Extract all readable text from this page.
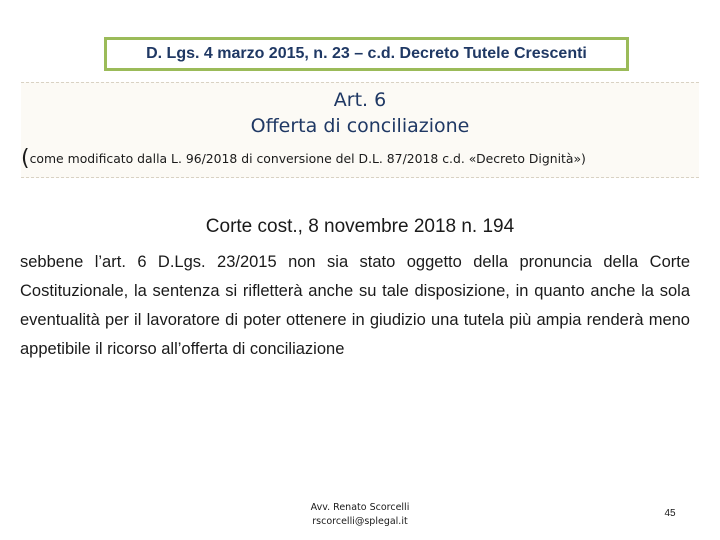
D. Lgs. 4 marzo 2015, n. 23 – c.d. Decreto Tutele Crescenti
Art. 6
Offerta di conciliazione
(come modificato dalla L. 96/2018 di conversione del D.L. 87/2018 c.d. «Decreto Dignità»)
Corte cost., 8 novembre 2018 n. 194
sebbene l’art. 6 D.Lgs. 23/2015 non sia stato oggetto della pronuncia della Corte Costituzionale, la sentenza si rifletterà anche su tale disposizione, in quanto anche la sola eventualità per il lavoratore di poter ottenere in giudizio una tutela più ampia renderà meno appetibile il ricorso all’offerta di conciliazione
Avv. Renato Scorcelli
rscorcelli@splegal.it
45
